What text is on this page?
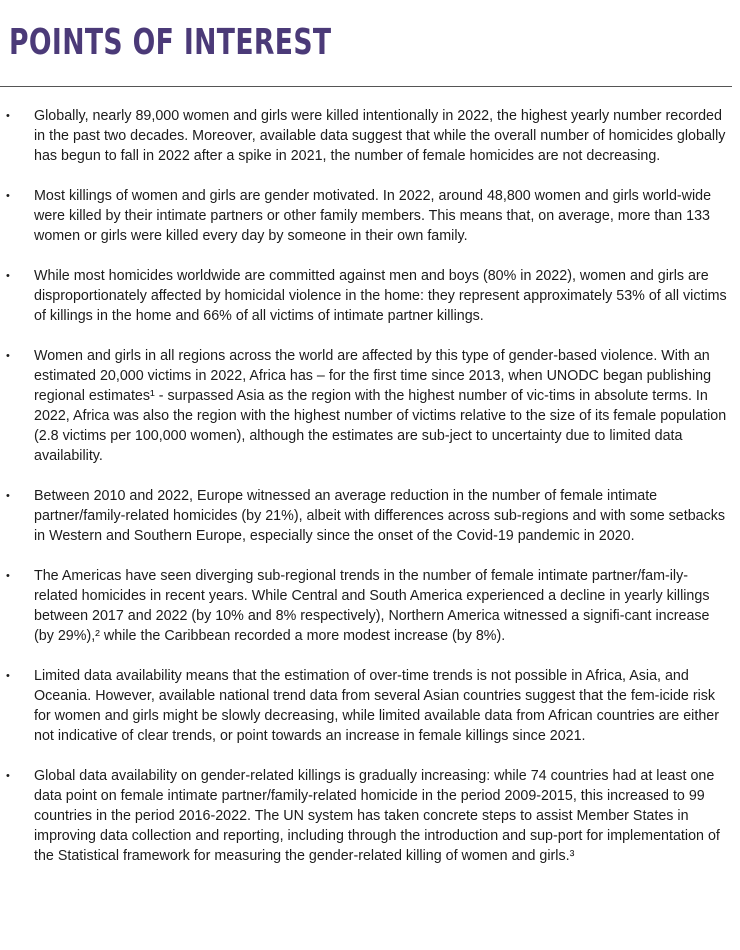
POINTS OF INTEREST
• Globally, nearly 89,000 women and girls were killed intentionally in 2022, the highest yearly number recorded in the past two decades. Moreover, available data suggest that while the overall number of homicides globally has begun to fall in 2022 after a spike in 2021, the number of female homicides are not decreasing.
• Most killings of women and girls are gender motivated. In 2022, around 48,800 women and girls world-wide were killed by their intimate partners or other family members. This means that, on average, more than 133 women or girls were killed every day by someone in their own family.
• While most homicides worldwide are committed against men and boys (80% in 2022), women and girls are disproportionately affected by homicidal violence in the home: they represent approximately 53% of all victims of killings in the home and 66% of all victims of intimate partner killings.
• Women and girls in all regions across the world are affected by this type of gender-based violence. With an estimated 20,000 victims in 2022, Africa has – for the first time since 2013, when UNODC began publishing regional estimates¹ - surpassed Asia as the region with the highest number of vic-tims in absolute terms. In 2022, Africa was also the region with the highest number of victims relative to the size of its female population (2.8 victims per 100,000 women), although the estimates are sub-ject to uncertainty due to limited data availability.
• Between 2010 and 2022, Europe witnessed an average reduction in the number of female intimate partner/family-related homicides (by 21%), albeit with differences across sub-regions and with some setbacks in Western and Southern Europe, especially since the onset of the Covid-19 pandemic in 2020.
• The Americas have seen diverging sub-regional trends in the number of female intimate partner/fam-ily-related homicides in recent years. While Central and South America experienced a decline in yearly killings between 2017 and 2022 (by 10% and 8% respectively), Northern America witnessed a signifi-cant increase (by 29%),² while the Caribbean recorded a more modest increase (by 8%).
• Limited data availability means that the estimation of over-time trends is not possible in Africa, Asia, and Oceania. However, available national trend data from several Asian countries suggest that the fem-icide risk for women and girls might be slowly decreasing, while limited available data from African countries are either not indicative of clear trends, or point towards an increase in female killings since 2021.
• Global data availability on gender-related killings is gradually increasing: while 74 countries had at least one data point on female intimate partner/family-related homicide in the period 2009-2015, this increased to 99 countries in the period 2016-2022. The UN system has taken concrete steps to assist Member States in improving data collection and reporting, including through the introduction and sup-port for implementation of the Statistical framework for measuring the gender-related killing of women and girls.³
